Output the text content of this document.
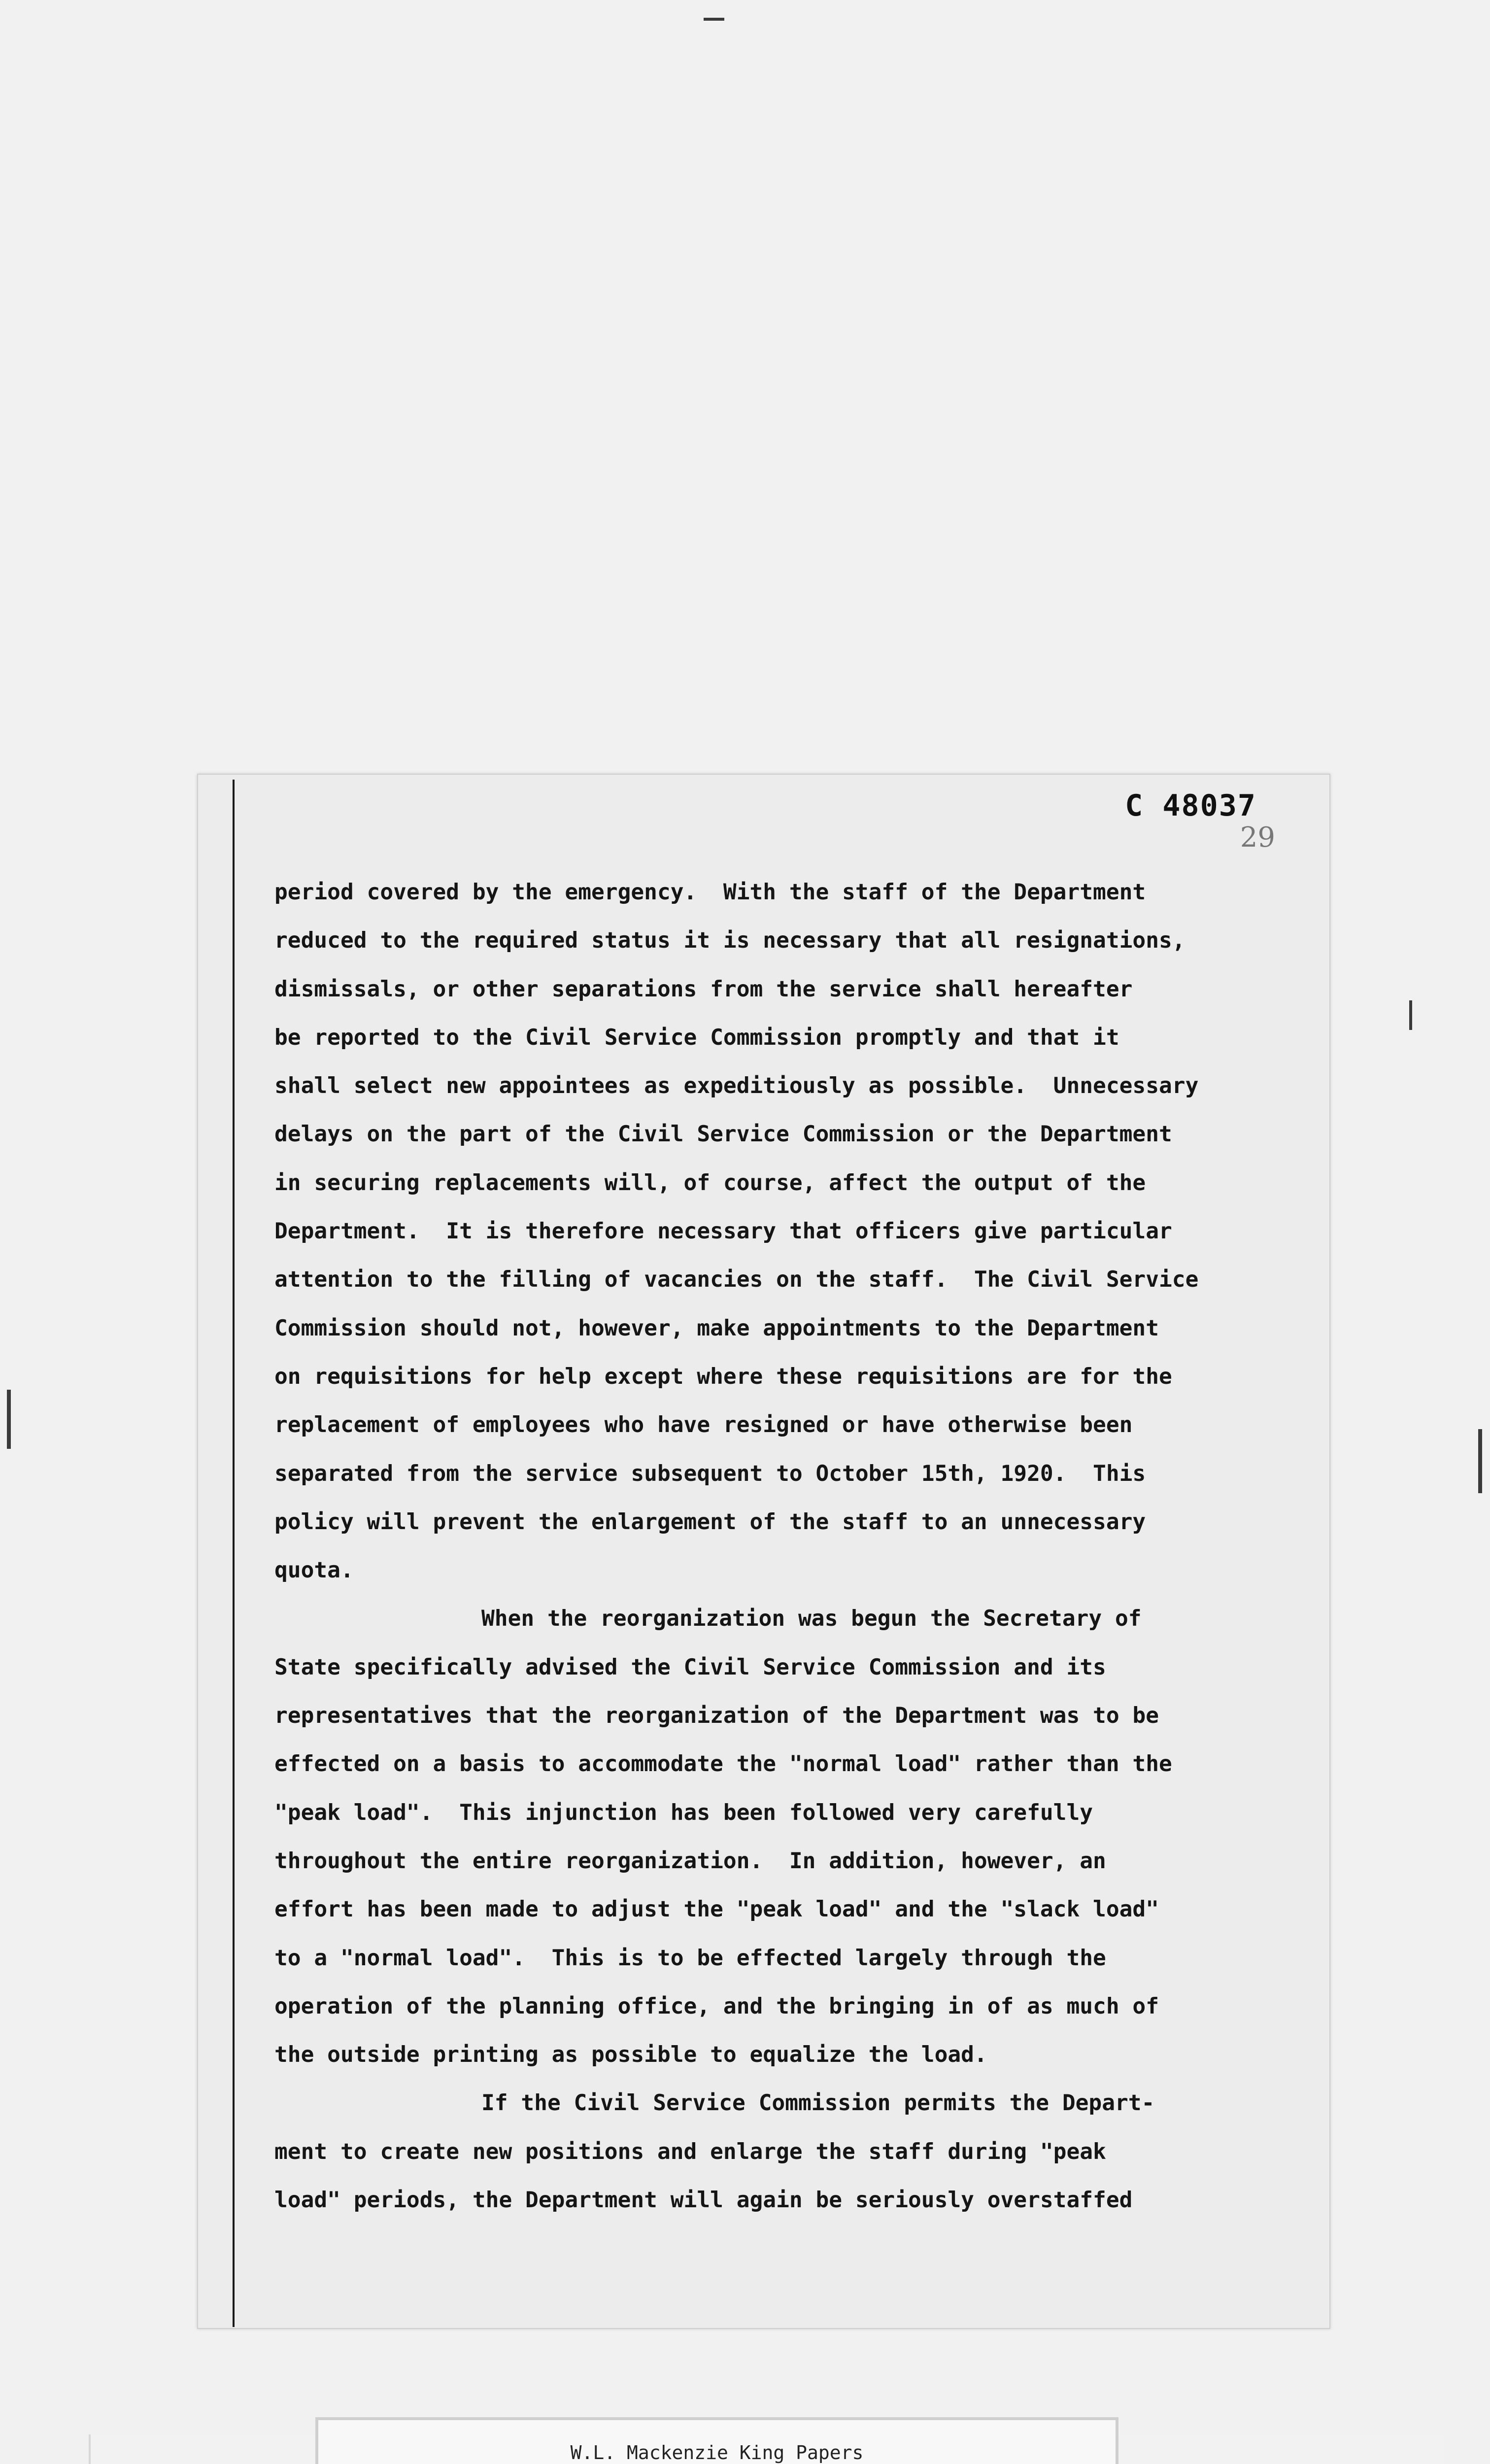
C 48037
29
period covered by the emergency.  With the staff of the Department
reduced to the required status it is necessary that all resignations,
dismissals, or other separations from the service shall hereafter
be reported to the Civil Service Commission promptly and that it
shall select new appointees as expeditiously as possible.  Unnecessary
delays on the part of the Civil Service Commission or the Department
in securing replacements will, of course, affect the output of the
Department.  It is therefore necessary that officers give particular
attention to the filling of vacancies on the staff.  The Civil Service
Commission should not, however, make appointments to the Department
on requisitions for help except where these requisitions are for the
replacement of employees who have resigned or have otherwise been
separated from the service subsequent to October 15th, 1920.  This
policy will prevent the enlargement of the staff to an unnecessary
quota.
When the reorganization was begun the Secretary of
State specifically advised the Civil Service Commission and its
representatives that the reorganization of the Department was to be
effected on a basis to accommodate the "normal load" rather than the
"peak load".  This injunction has been followed very carefully
throughout the entire reorganization.  In addition, however, an
effort has been made to adjust the "peak load" and the "slack load"
to a "normal load".  This is to be effected largely through the
operation of the planning office, and the bringing in of as much of
the outside printing as possible to equalize the load.
If the Civil Service Commission permits the Depart-
ment to create new positions and enlarge the staff during "peak
load" periods, the Department will again be seriously overstaffed
W.L. Mackenzie King Papers
